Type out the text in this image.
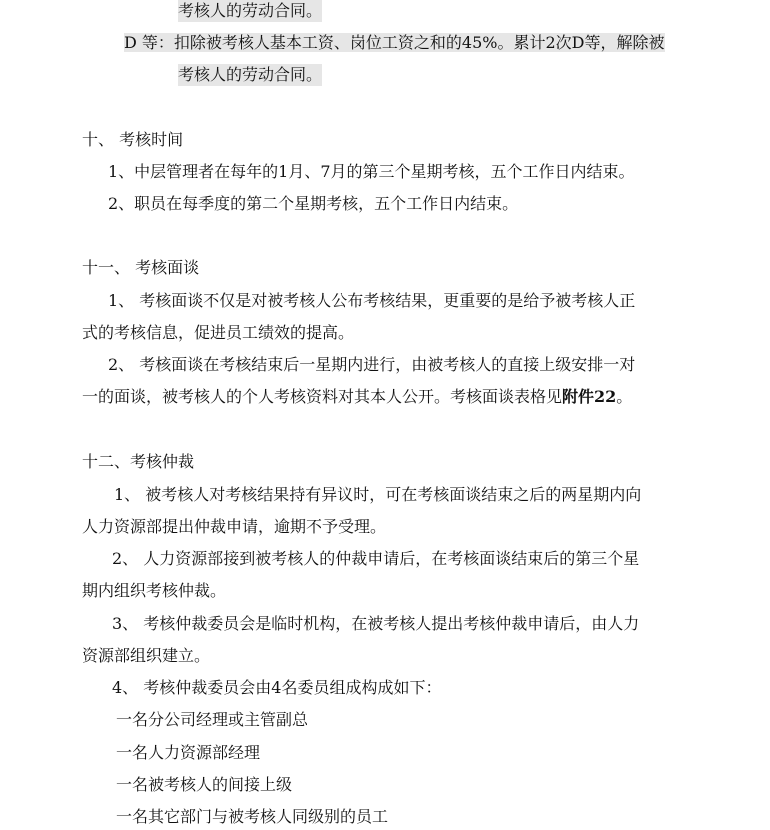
考核人的劳动合同。
D 等：扣除被考核人基本工资、岗位工资之和的45%。累计2次D等，解除被
考核人的劳动合同。
十、 考核时间
1、中层管理者在每年的1月、7月的第三个星期考核，五个工作日内结束。
2、职员在每季度的第二个星期考核，五个工作日内结束。
十一、 考核面谈
1、 考核面谈不仅是对被考核人公布考核结果，更重要的是给予被考核人正
式的考核信息，促进员工绩效的提高。
2、 考核面谈在考核结束后一星期内进行，由被考核人的直接上级安排一对
一的面谈，被考核人的个人考核资料对其本人公开。考核面谈表格见附件22。
十二、考核仲裁
1、 被考核人对考核结果持有异议时，可在考核面谈结束之后的两星期内向
人力资源部提出仲裁申请，逾期不予受理。
2、 人力资源部接到被考核人的仲裁申请后，在考核面谈结束后的第三个星
期内组织考核仲裁。
3、 考核仲裁委员会是临时机构，在被考核人提出考核仲裁申请后，由人力
资源部组织建立。
4、 考核仲裁委员会由4名委员组成构成如下：
一名分公司经理或主管副总
一名人力资源部经理
一名被考核人的间接上级
一名其它部门与被考核人同级别的员工
